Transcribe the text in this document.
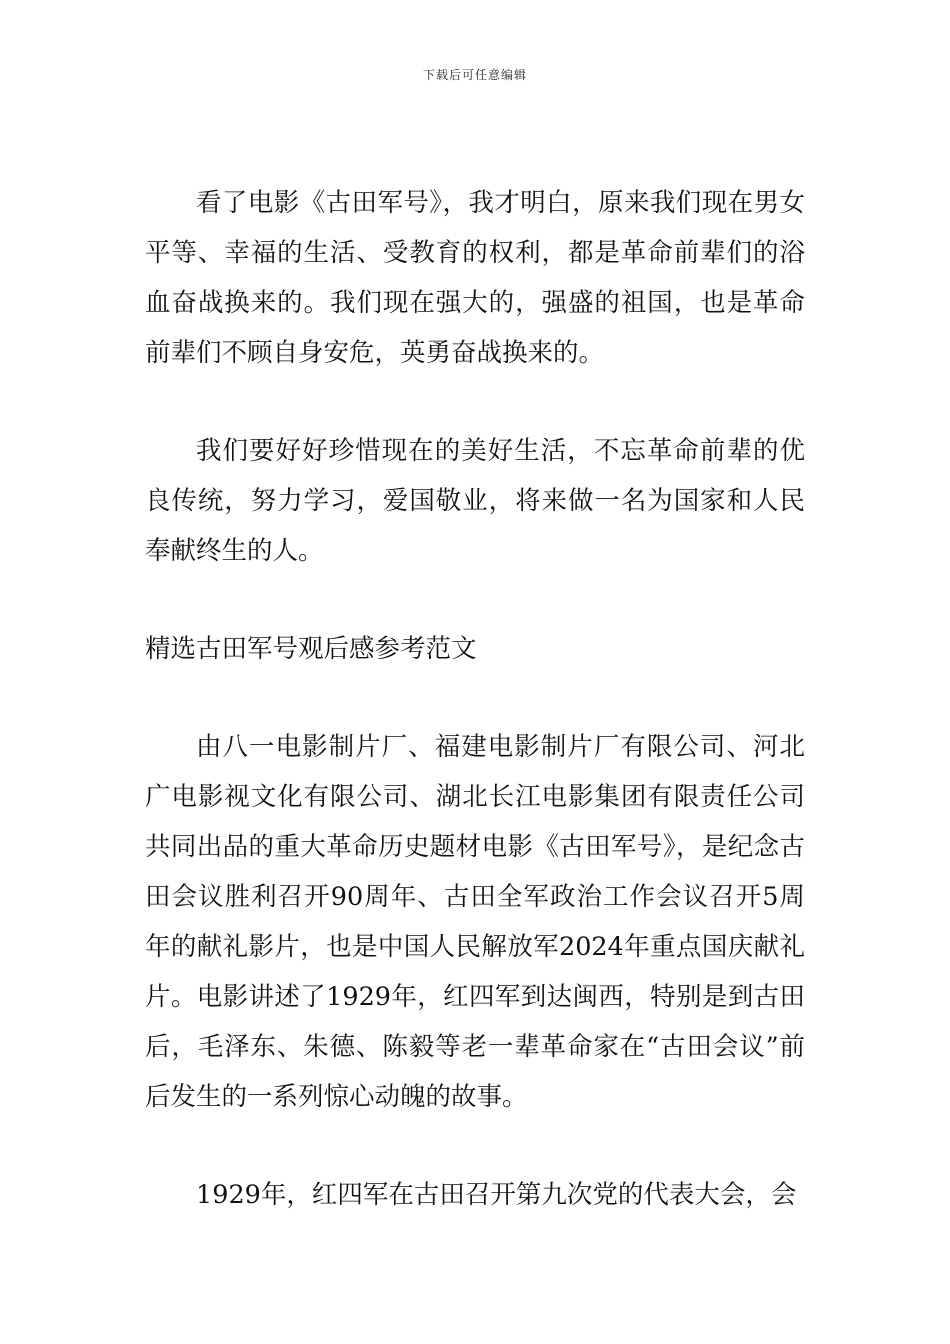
下载后可任意编辑

看了电影《古田军号》，我才明白，原来我们现在男女平等、幸福的生活、受教育的权利，都是革命前辈们的浴血奋战换来的。我们现在强大的，强盛的祖国，也是革命前辈们不顾自身安危，英勇奋战换来的。

我们要好好珍惜现在的美好生活，不忘革命前辈的优良传统，努力学习，爱国敬业，将来做一名为国家和人民奉献终生的人。

精选古田军号观后感参考范文

由八一电影制片厂、福建电影制片厂有限公司、河北广电影视文化有限公司、湖北长江电影集团有限责任公司共同出品的重大革命历史题材电影《古田军号》，是纪念古田会议胜利召开90周年、古田全军政治工作会议召开5周年的献礼影片，也是中国人民解放军2024年重点国庆献礼片。电影讲述了1929年，红四军到达闽西，特别是到古田后，毛泽东、朱德、陈毅等老一辈革命家在“古田会议”前后发生的一系列惊心动魄的故事。

1929年，红四军在古田召开第九次党的代表大会，会
